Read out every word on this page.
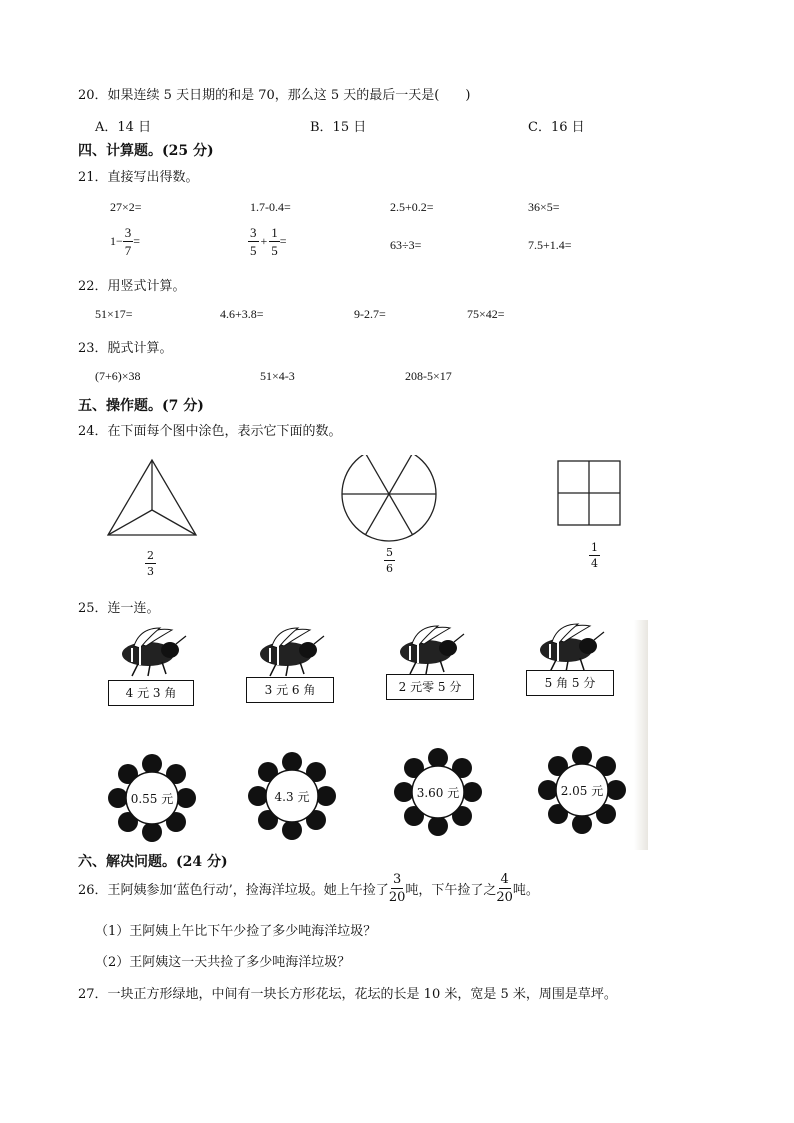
20．如果连续 5 天日期的和是 70，那么这 5 天的最后一天是(　　)
A．14 日	B．15 日	C．16 日
四、计算题。(25 分)
21．直接写出得数。
27×2=	1.7-0.4=	2.5+0.2=	36×5=
$1- \frac{3}{7}$ =	$\frac{3}{5} + \frac{1}{5}$ =	63÷3=	7.5+1.4=
22．用竖式计算。
51×17=	4.6+3.8=	9-2.7=	75×42=
23．脱式计算。
(7+6)×38	51×4-3	208-5×17
五、操作题。(7 分)
24．在下面每个图中涂色，表示它下面的数。
$\frac{2}{3}$	$\frac{5}{6}$	$\frac{1}{4}$
25．连一连。
4 元 3 角	3 元 6 角	2 元零 5 分	5 角 5 分
0.55 元	4.3 元	3.60 元	2.05 元
六、解决问题。(24 分)
26．王阿姨参加‘蓝色行动’，捡海洋垃圾。她上午捡了 $\frac{3}{20}$ 吨，下午捡了之 $\frac{4}{20}$ 吨。
（1）王阿姨上午比下午少捡了多少吨海洋垃圾？
（2）王阿姨这一天共捡了多少吨海洋垃圾？
27．一块正方形绿地，中间有一块长方形花坛，花坛的长是 10 米，宽是 5 米，周围是草坪。
